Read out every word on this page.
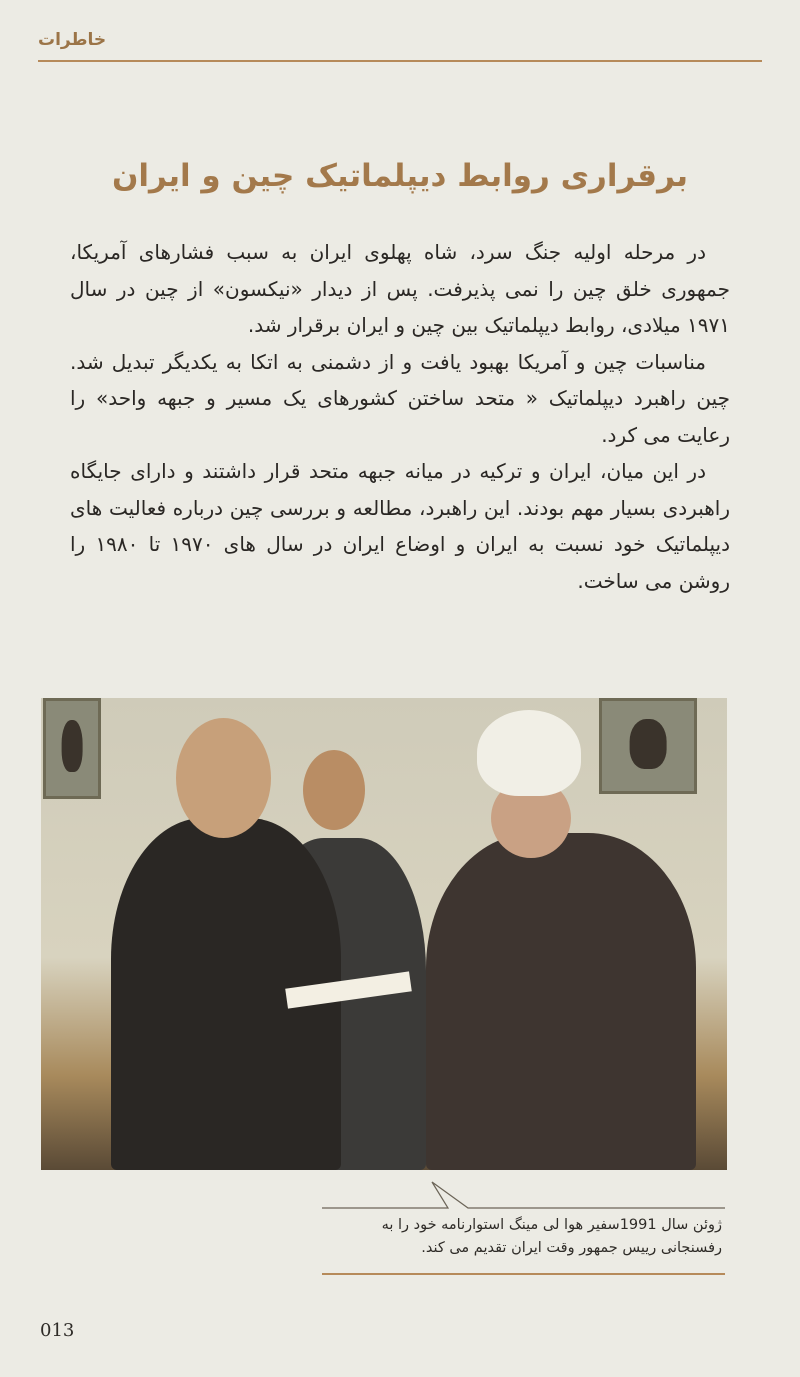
خاطرات
برقراری روابط دیپلماتیک چین و ایران

در مرحله اولیه جنگ سرد، شاه پهلوی ایران به سبب فشارهای آمریکا، جمهوری خلق چین را نمی پذیرفت. پس از دیدار «نیکسون» از چین در سال ۱۹۷۱ میلادی، روابط دیپلماتیک بین چین و ایران برقرار شد.

مناسبات چین و آمریکا بهبود یافت و از دشمنی به اتکا به یکدیگر تبدیل شد. چین راهبرد دیپلماتیک « متحد ساختن کشورهای یک مسیر و جبهه واحد» را رعایت می کرد.

در این میان، ایران و ترکیه در میانه جبهه متحد قرار داشتند و دارای جایگاه راهبردی بسیار مهم بودند. این راهبرد، مطالعه و بررسی چین درباره فعالیت های دیپلماتیک خود نسبت به ایران و اوضاع ایران در سال های ۱۹۷۰ تا ۱۹۸۰ را روشن می ساخت.

ژوئن سال 1991سفیر هوا لی مینگ استوارنامه خود را به

رفسنجانی رییس جمهور وقت ایران تقدیم می کند.

013
